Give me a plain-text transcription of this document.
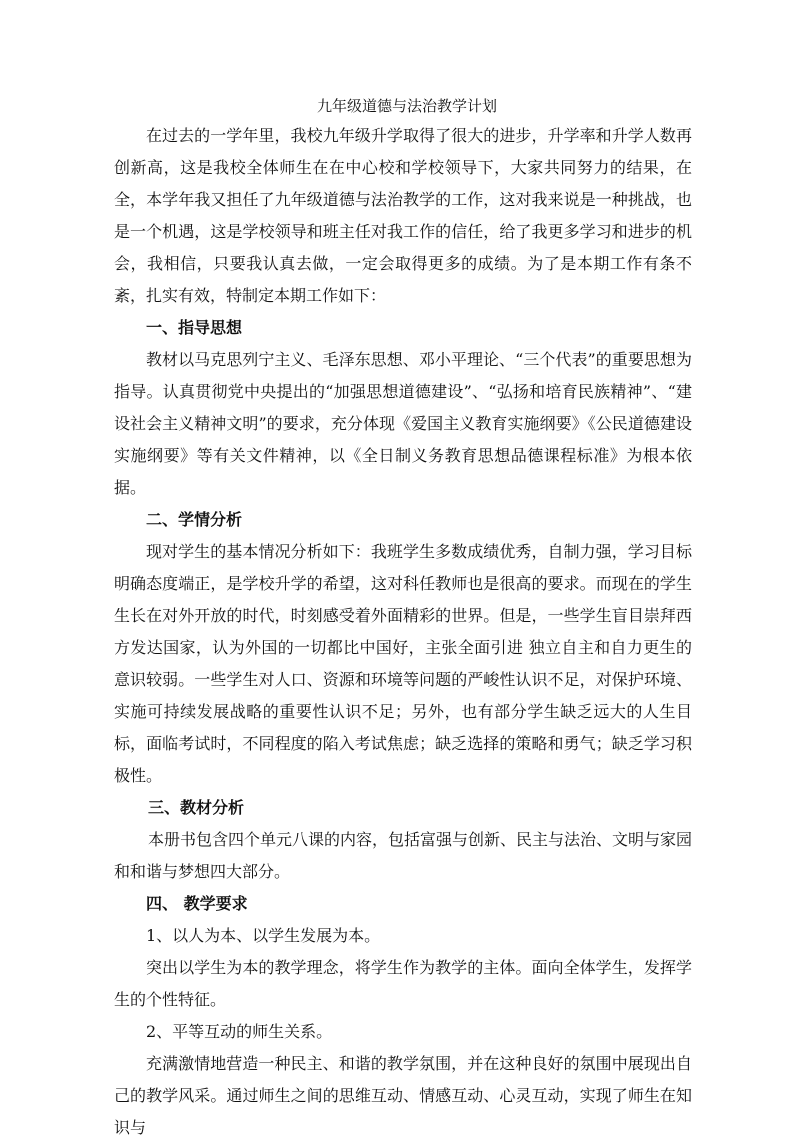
九年级道德与法治教学计划

在过去的一学年里，我校九年级升学取得了很大的进步，升学率和升学人数再创新高，这是我校全体师生在在中心校和学校领导下，大家共同努力的结果，在全，本学年我又担任了九年级道德与法治教学的工作，这对我来说是一种挑战，也是一个机遇，这是学校领导和班主任对我工作的信任，给了我更多学习和进步的机会，我相信，只要我认真去做，一定会取得更多的成绩。为了是本期工作有条不紊，扎实有效，特制定本期工作如下：

一、指导思想

教材以马克思列宁主义、毛泽东思想、邓小平理论、“三个代表”的重要思想为指导。认真贯彻党中央提出的“加强思想道德建设”、“弘扬和培育民族精神”、“建设社会主义精神文明”的要求，充分体现《爱国主义教育实施纲要》《公民道德建设实施纲要》等有关文件精神，以《全日制义务教育思想品德课程标准》为根本依据。

二、学情分析

现对学生的基本情况分析如下：我班学生多数成绩优秀，自制力强，学习目标明确态度端正，是学校升学的希望，这对科任教师也是很高的要求。而现在的学生生长在对外开放的时代，时刻感受着外面精彩的世界。但是，一些学生盲目崇拜西方发达国家，认为外国的一切都比中国好，主张全面引进 独立自主和自力更生的意识较弱。一些学生对人口、资源和环境等问题的严峻性认识不足，对保护环境、实施可持续发展战略的重要性认识不足；另外，也有部分学生缺乏远大的人生目标，面临考试时，不同程度的陷入考试焦虑；缺乏选择的策略和勇气；缺乏学习积极性。

三、教材分析

本册书包含四个单元八课的内容，包括富强与创新、民主与法治、文明与家园和和谐与梦想四大部分。

四、 教学要求

1、以人为本、以学生发展为本。

突出以学生为本的教学理念，将学生作为教学的主体。面向全体学生，发挥学生的个性特征。

2、平等互动的师生关系。

充满激情地营造一种民主、和谐的教学氛围，并在这种良好的氛围中展现出自己的教学风采。通过师生之间的思维互动、情感互动、心灵互动，实现了师生在知识与
